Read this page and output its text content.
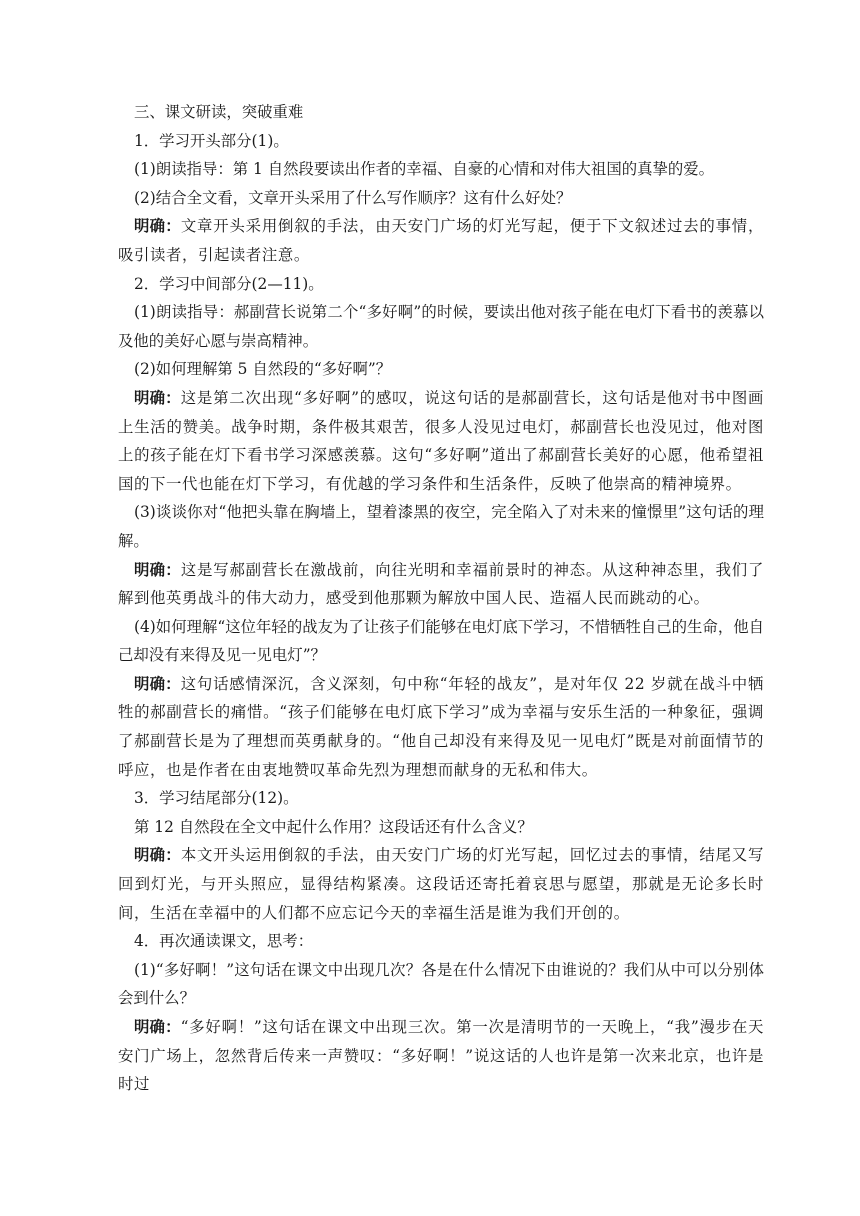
三、课文研读，突破重难

1．学习开头部分(1)。

(1)朗读指导：第 1 自然段要读出作者的幸福、自豪的心情和对伟大祖国的真挚的爱。

(2)结合全文看，文章开头采用了什么写作顺序？这有什么好处？

明确：文章开头采用倒叙的手法，由天安门广场的灯光写起，便于下文叙述过去的事情，吸引读者，引起读者注意。

2．学习中间部分(2—11)。

(1)朗读指导：郝副营长说第二个“多好啊”的时候，要读出他对孩子能在电灯下看书的羡慕以及他的美好心愿与崇高精神。

(2)如何理解第 5 自然段的“多好啊”？

明确：这是第二次出现“多好啊”的感叹，说这句话的是郝副营长，这句话是他对书中图画上生活的赞美。战争时期，条件极其艰苦，很多人没见过电灯，郝副营长也没见过，他对图上的孩子能在灯下看书学习深感羡慕。这句“多好啊”道出了郝副营长美好的心愿，他希望祖国的下一代也能在灯下学习，有优越的学习条件和生活条件，反映了他崇高的精神境界。

(3)谈谈你对“他把头靠在胸墙上，望着漆黑的夜空，完全陷入了对未来的憧憬里”这句话的理解。

明确：这是写郝副营长在激战前，向往光明和幸福前景时的神态。从这种神态里，我们了解到他英勇战斗的伟大动力，感受到他那颗为解放中国人民、造福人民而跳动的心。

(4)如何理解“这位年轻的战友为了让孩子们能够在电灯底下学习，不惜牺牲自己的生命，他自己却没有来得及见一见电灯”？

明确：这句话感情深沉，含义深刻，句中称“年轻的战友”，是对年仅 22 岁就在战斗中牺牲的郝副营长的痛惜。“孩子们能够在电灯底下学习”成为幸福与安乐生活的一种象征，强调了郝副营长是为了理想而英勇献身的。“他自己却没有来得及见一见电灯”既是对前面情节的呼应，也是作者在由衷地赞叹革命先烈为理想而献身的无私和伟大。

3．学习结尾部分(12)。

第 12 自然段在全文中起什么作用？这段话还有什么含义？

明确：本文开头运用倒叙的手法，由天安门广场的灯光写起，回忆过去的事情，结尾又写回到灯光，与开头照应，显得结构紧凑。这段话还寄托着哀思与愿望，那就是无论多长时间，生活在幸福中的人们都不应忘记今天的幸福生活是谁为我们开创的。

4．再次通读课文，思考：

(1)“多好啊！”这句话在课文中出现几次？各是在什么情况下由谁说的？我们从中可以分别体会到什么？

明确：“多好啊！”这句话在课文中出现三次。第一次是清明节的一天晚上，“我”漫步在天安门广场上，忽然背后传来一声赞叹：“多好啊！”说这话的人也许是第一次来北京，也许是时过
